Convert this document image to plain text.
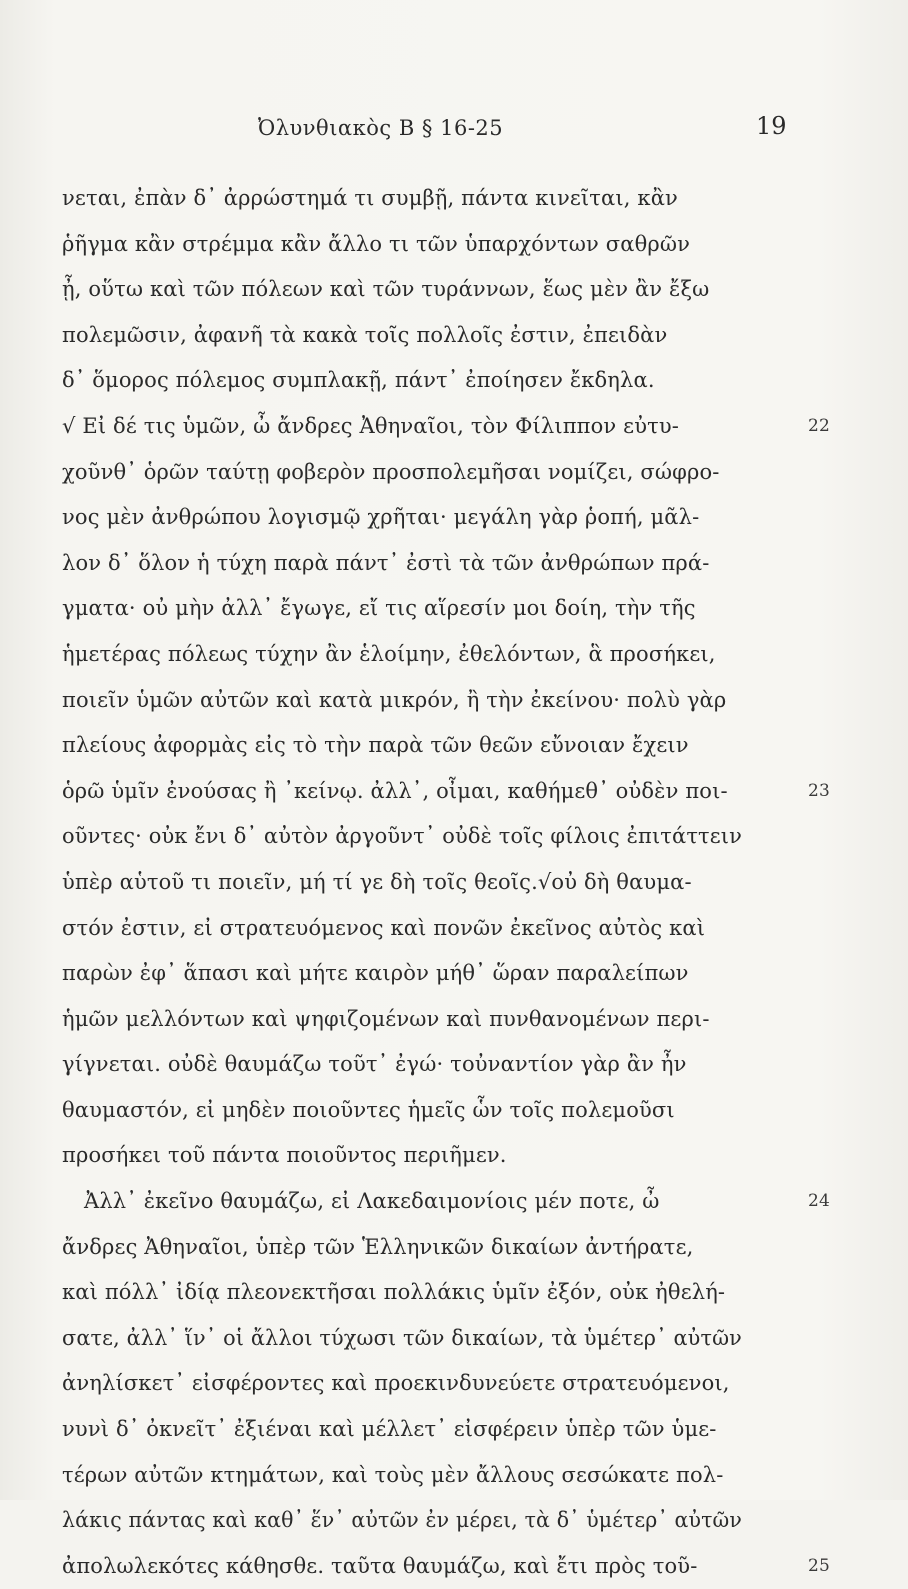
Ὀλυνθιακὸς Β § 16-25	19
νεται, ἐπὰν δ᾽ ἀρρώστημά τι συμβῇ, πάντα κινεῖται, κἂν
ῥῆγμα κἂν στρέμμα κἂν ἄλλο τι τῶν ὑπαρχόντων σαθρῶν
ᾖ, οὕτω καὶ τῶν πόλεων καὶ τῶν τυράννων, ἕως μὲν ἂν ἔξω
πολεμῶσιν, ἀφανῆ τὰ κακὰ τοῖς πολλοῖς ἐστιν, ἐπειδὰν
δ᾽ ὅμορος πόλεμος συμπλακῇ, πάντ᾽ ἐποίησεν ἔκδηλα.
√ Εἰ δέ τις ὑμῶν, ὦ ἄνδρες Ἀθηναῖοι, τὸν Φίλιππον εὐτυ-	22
χοῦνθ᾽ ὁρῶν ταύτῃ φοβερὸν προσπολεμῆσαι νομίζει, σώφρο-
νος μὲν ἀνθρώπου λογισμῷ χρῆται· μεγάλη γὰρ ῥοπή, μᾶλ-
λον δ᾽ ὅλον ἡ τύχη παρὰ πάντ᾽ ἐστὶ τὰ τῶν ἀνθρώπων πρά-
γματα· οὐ μὴν ἀλλ᾽ ἔγωγε, εἴ τις αἵρεσίν μοι δοίη, τὴν τῆς
ἡμετέρας πόλεως τύχην ἂν ἑλοίμην, ἐθελόντων, ἃ προσήκει,
ποιεῖν ὑμῶν αὐτῶν καὶ κατὰ μικρόν, ἢ τὴν ἐκείνου· πολὺ γὰρ
πλείους ἀφορμὰς εἰς τὸ τὴν παρὰ τῶν θεῶν εὔνοιαν ἔχειν
ὁρῶ ὑμῖν ἐνούσας ἢ ᾽κείνῳ. ἀλλ᾽, οἶμαι, καθήμεθ᾽ οὐδὲν ποι-	23
οῦντες· οὐκ ἔνι δ᾽ αὐτὸν ἀργοῦντ᾽ οὐδὲ τοῖς φίλοις ἐπιτάττειν
ὑπὲρ αὑτοῦ τι ποιεῖν, μή τί γε δὴ τοῖς θεοῖς.√οὐ δὴ θαυμα-
στόν ἐστιν, εἰ στρατευόμενος καὶ πονῶν ἐκεῖνος αὐτὸς καὶ
παρὼν ἐφ᾽ ἅπασι καὶ μήτε καιρὸν μήθ᾽ ὥραν παραλείπων
ἡμῶν μελλόντων καὶ ψηφιζομένων καὶ πυνθανομένων περι-
γίγνεται. οὐδὲ θαυμάζω τοῦτ᾽ ἐγώ· τοὐναντίον γὰρ ἂν ἦν
θαυμαστόν, εἰ μηδὲν ποιοῦντες ἡμεῖς ὧν τοῖς πολεμοῦσι
προσήκει τοῦ πάντα ποιοῦντος περιῆμεν.
Ἀλλ᾽ ἐκεῖνο θαυμάζω, εἰ Λακεδαιμονίοις μέν ποτε, ὦ	24
ἄνδρες Ἀθηναῖοι, ὑπὲρ τῶν Ἑλληνικῶν δικαίων ἀντήρατε,
καὶ πόλλ᾽ ἰδίᾳ πλεονεκτῆσαι πολλάκις ὑμῖν ἐξόν, οὐκ ἠθελή-
σατε, ἀλλ᾽ ἵν᾽ οἱ ἄλλοι τύχωσι τῶν δικαίων, τὰ ὑμέτερ᾽ αὐτῶν
ἀνηλίσκετ᾽ εἰσφέροντες καὶ προεκινδυνεύετε στρατευόμενοι,
νυνὶ δ᾽ ὀκνεῖτ᾽ ἐξιέναι καὶ μέλλετ᾽ εἰσφέρειν ὑπὲρ τῶν ὑμε-
τέρων αὐτῶν κτημάτων, καὶ τοὺς μὲν ἄλλους σεσώκατε πολ-
λάκις πάντας καὶ καθ᾽ ἕν᾽ αὐτῶν ἐν μέρει, τὰ δ᾽ ὑμέτερ᾽ αὐτῶν
ἀπολωλεκότες κάθησθε. ταῦτα θαυμάζω, καὶ ἔτι πρὸς τοῦ-	25
